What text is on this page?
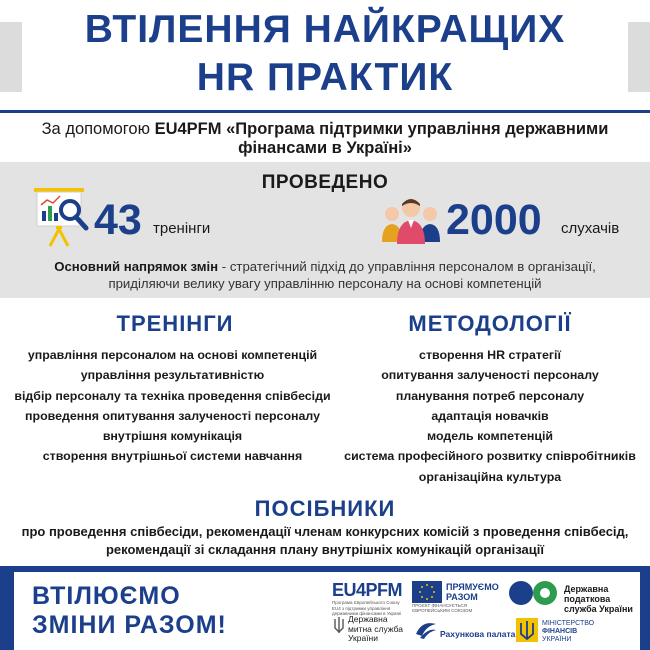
ВТІЛЕННЯ НАЙКРАЩИХ
HR ПРАКТИК
За допомогою EU4PFM «Програма підтримки управління державними фінансами в Україні»
ПРОВЕДЕНО
43 тренінги	2000 слухачів
Основний напрямок змін - стратегічний підхід до управління персоналом в організації, приділяючи велику увагу управлінню персоналу на основі компетенцій
ТРЕНІНГИ
управління персоналом на основі компетенцій
управління результативністю
відбір персоналу та техніка проведення співбесіди
проведення опитування залученості персоналу
внутрішня комунікація
створення внутрішньої системи навчання
МЕТОДОЛОГІЇ
створення HR стратегії
опитування залученості персоналу
планування потреб персоналу
адаптація новачків
модель компетенцій
система професійного розвитку співробітників
організаційна культура
ПОСІБНИКИ
про проведення співбесіди, рекомендації членам конкурсних комісій з проведення співбесід,
рекомендації зі складання плану внутрішніх комунікацій організації
ВТІЛЮЄМО
ЗМІНИ РАЗОМ!
EU4PFM
Програма Європейського Союзу EU4 з підтримки управління державними фінансами в Україні
ПРЯМУЄМО
РАЗОМ
ПРОЄКТ ФІНАНСУЄТЬСЯ ЄВРОПЕЙСЬКИМ СОЮЗОМ
Державна
податкова
служба України
Державна
митна служба
України	Рахункова палата
МІНІСТЕРСТВО
ФІНАНСІВ
УКРАЇНИ
